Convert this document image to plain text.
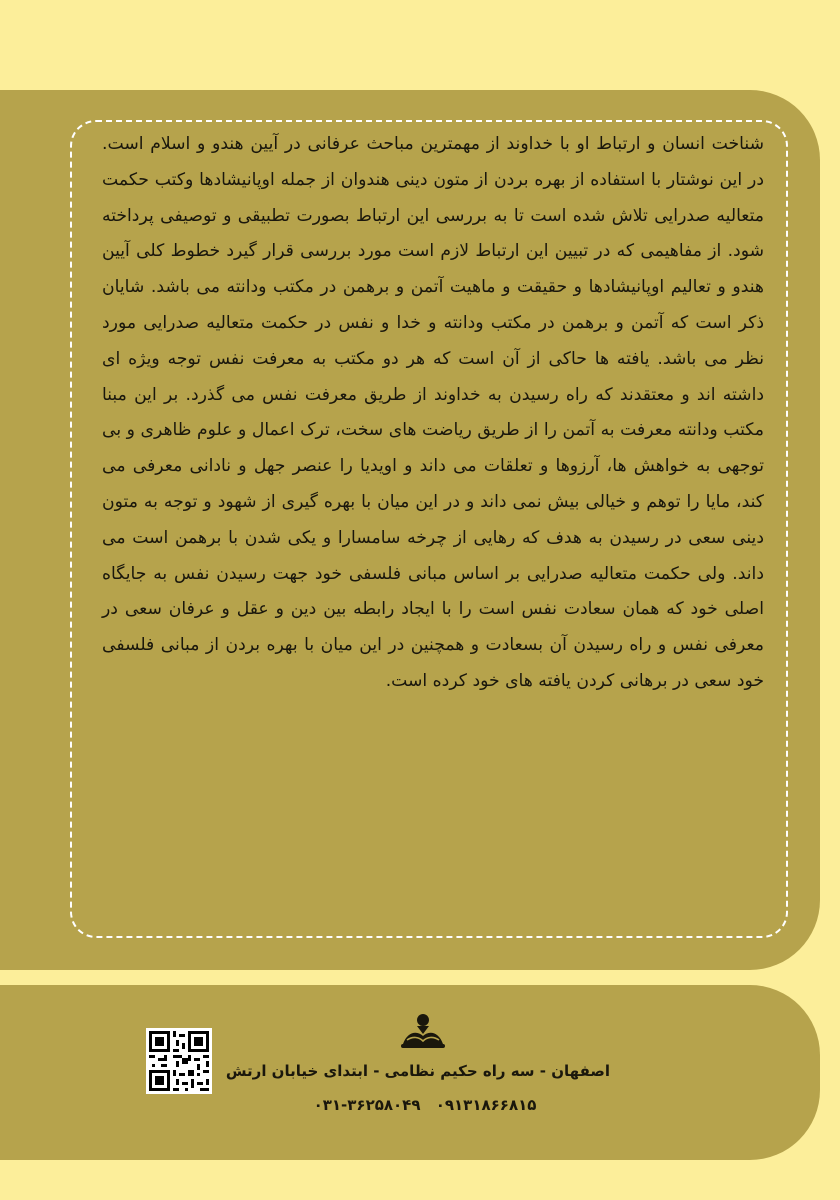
شناخت انسان و ارتباط او با خداوند از مهمترین مباحث عرفانی در آیین هندو و اسلام است. در این نوشتار با استفاده از بهره بردن از متون دینی هندوان از جمله اوپانیشادها وکتب حکمت متعالیه صدرایی تلاش شده است تا به بررسی این ارتباط بصورت تطبیقی و توصیفی پرداخته شود. از مفاهیمی که در تبیین این ارتباط لازم است مورد بررسی قرار گیرد خطوط کلی آیین هندو و تعالیم اوپانیشادها و حقیقت و ماهیت آتمن و برهمن در مکتب ودانته می باشد. شایان ذکر است که آتمن و برهمن در مکتب ودانته و خدا و نفس در حکمت متعالیه صدرایی مورد نظر می باشد. یافته ها حاکی از آن است که هر دو مکتب به معرفت نفس توجه ویژه ای داشته اند و معتقدند که راه رسیدن به خداوند از طریق معرفت نفس می گذرد. بر این مبنا مکتب ودانته معرفت به آتمن را از طریق ریاضت های سخت، ترک اعمال و علوم ظاهری و بی توجهی به خواهش ها، آرزوها و تعلقات می داند و اویدیا را عنصر جهل و نادانی معرفی می کند، مایا را توهم و خیالی بیش نمی داند و در این میان با بهره گیری از شهود و توجه به متون دینی سعی در رسیدن به هدف که رهایی از چرخه سامسارا و یکی شدن با برهمن است می داند. ولی حکمت متعالیه صدرایی بر اساس مبانی فلسفی خود جهت رسیدن نفس به جایگاه اصلی خود که همان سعادت نفس است را با ایجاد رابطه بین دین و عقل و عرفان سعی در معرفی نفس و راه رسیدن آن بسعادت و همچنین در این میان با بهره بردن از مبانی فلسفی خود سعی در برهانی کردن یافته های خود کرده است.

اصفهان - سه راه حکیم نظامی - ابتدای خیابان ارتش

۰۳۱-۳۶۲۵۸۰۴۹ ۰۹۱۳۱۸۶۶۸۱۵
